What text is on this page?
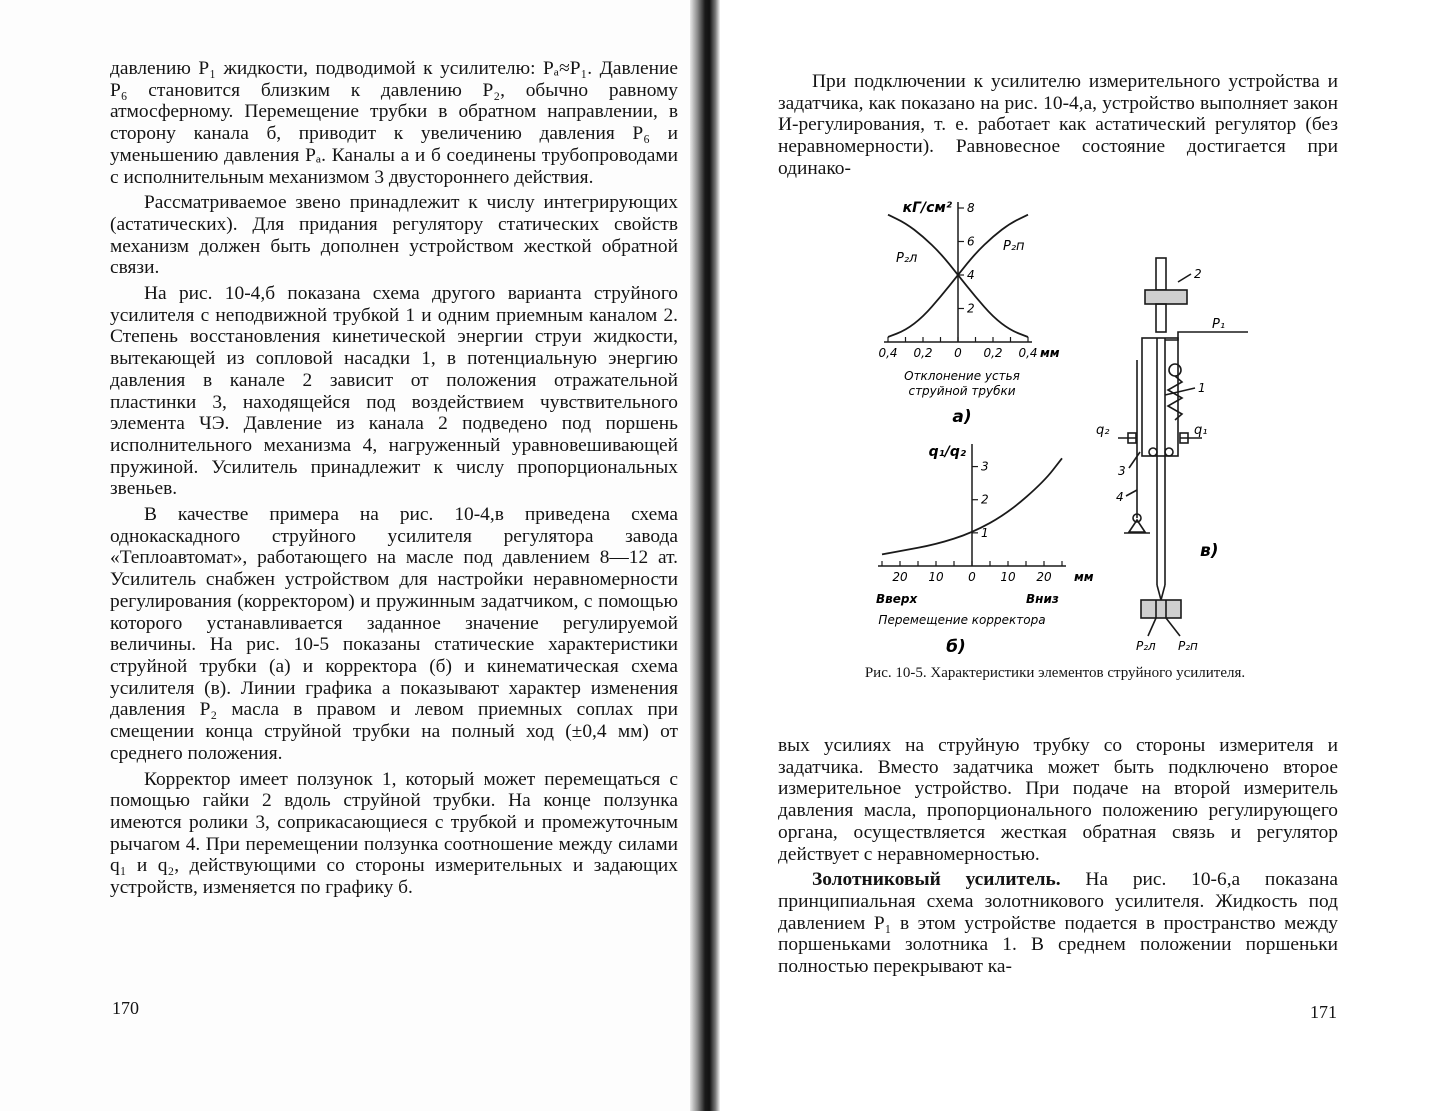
давлению P₁ жидкости, подводимой к усилителю: Pₐ≈P₁. Давление P₆ становится близким к давлению P₂, обычно равному атмосферному. Перемещение трубки в обратном направлении, в сторону канала б, приводит к увеличению давления P₆ и уменьшению давления Pₐ. Каналы а и б соединены трубопроводами с исполнительным механизмом 3 двустороннего действия.

Рассматриваемое звено принадлежит к числу интегрирующих (астатических). Для придания регулятору статических свойств механизм должен быть дополнен устройством жесткой обратной связи.

На рис. 10-4,б показана схема другого варианта струйного усилителя с неподвижной трубкой 1 и одним приемным каналом 2. Степень восстановления кинетической энергии струи жидкости, вытекающей из сопловой насадки 1, в потенциальную энергию давления в канале 2 зависит от положения отражательной пластинки 3, находящейся под воздействием чувствительного элемента ЧЭ. Давление из канала 2 подведено под поршень исполнительного механизма 4, нагруженный уравновешивающей пружиной. Усилитель принадлежит к числу пропорциональных звеньев.

В качестве примера на рис. 10-4,в приведена схема однокаскадного струйного усилителя регулятора завода «Теплоавтомат», работающего на масле под давлением 8—12 ат. Усилитель снабжен устройством для настройки неравномерности регулирования (корректором) и пружинным задатчиком, с помощью которого устанавливается заданное значение регулируемой величины. На рис. 10-5 показаны статические характеристики струйной трубки (а) и корректора (б) и кинематическая схема усилителя (в). Линии графика а показывают характер изменения давления P₂ масла в правом и левом приемных соплах при смещении конца струйной трубки на полный ход (±0,4 мм) от среднего положения.

Корректор имеет ползунок 1, который может перемещаться с помощью гайки 2 вдоль струйной трубки. На конце ползунка имеются ролики 3, соприкасающиеся с трубкой и промежуточным рычагом 4. При перемещении ползунка соотношение между силами q₁ и q₂, действующими со стороны измерительных и задающих устройств, изменяется по графику б.

170

При подключении к усилителю измерительного устройства и задатчика, как показано на рис. 10-4,а, устройство выполняет закон И-регулирования, т. е. работает как астатический регулятор (без неравномерности). Равновесное состояние достигается при одинако-

0,4 0,2 0 0,2 0,4 мм
2
4
6
8
кГ/см²
P₂л
P₂п
Отклонение устья
струйной трубки
а)
20 10 0 10 20 мм
1
2
3
q₁/q₂
Вверх	Вниз
Перемещение корректора
б)
2
P₁
1
q₂	q₁
3
4
в)
P₂л P₂п

Рис. 10-5. Характеристики элементов струйного усилителя.

вых усилиях на струйную трубку со стороны измерителя и задатчика. Вместо задатчика может быть подключено второе измерительное устройство. При подаче на второй измеритель давления масла, пропорционального положению регулирующего органа, осуществляется жесткая обратная связь и регулятор действует с неравномерностью.

Золотниковый усилитель. На рис. 10-6,а показана принципиальная схема золотникового усилителя. Жидкость под давлением P₁ в этом устройстве подается в пространство между поршеньками золотника 1. В среднем положении поршеньки полностью перекрывают ка-

171
